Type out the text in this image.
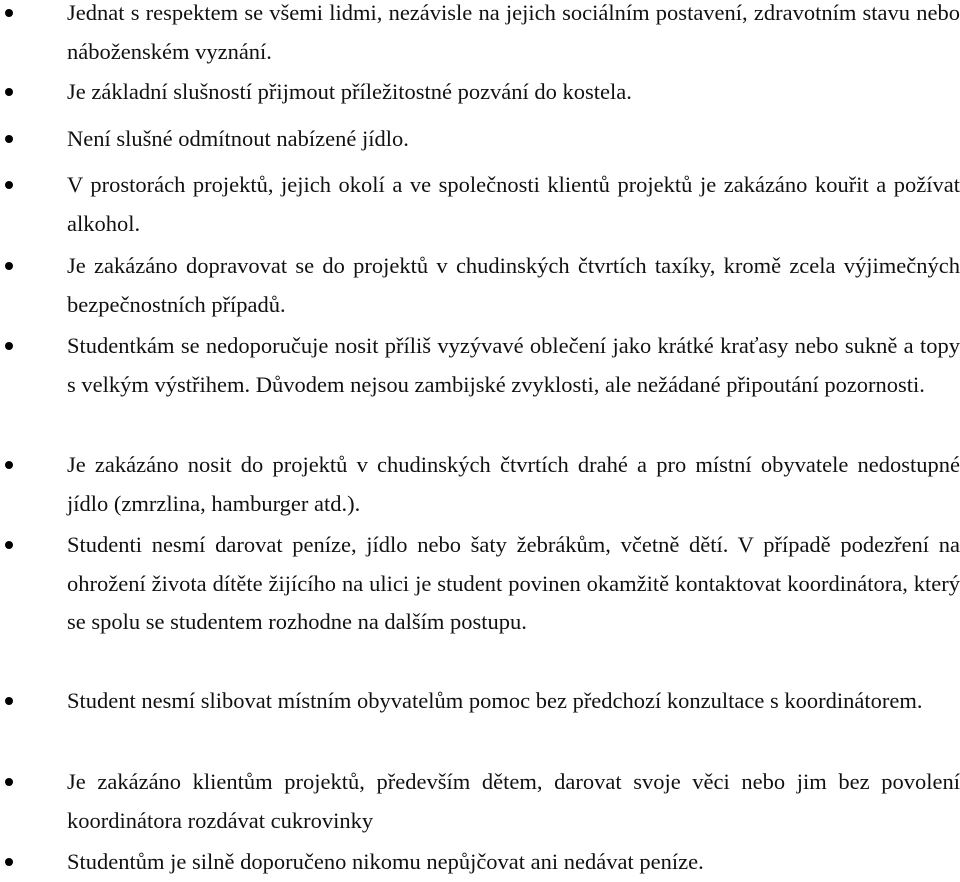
Jednat s respektem se všemi lidmi, nezávisle na jejich sociálním postavení, zdravotním stavu nebo náboženském vyznání.

Je základní slušností přijmout příležitostné pozvání do kostela.

Není slušné odmítnout nabízené jídlo.

V prostorách projektů, jejich okolí a ve společnosti klientů projektů je zakázáno kouřit a požívat alkohol.

Je zakázáno dopravovat se do projektů v chudinských čtvrtích taxíky, kromě zcela výjimečných bezpečnostních případů.

Studentkám se nedoporučuje nosit příliš vyzývavé oblečení jako krátké kraťasy nebo sukně a topy s velkým výstřihem. Důvodem nejsou zambijské zvyklosti, ale nežádané připoutání pozornosti.

Je zakázáno nosit do projektů v chudinských čtvrtích drahé a pro místní obyvatele nedostupné jídlo (zmrzlina, hamburger atd.).

Studenti nesmí darovat peníze, jídlo nebo šaty žebrákům, včetně dětí. V případě podezření na ohrožení života dítěte žijícího na ulici je student povinen okamžitě kontaktovat koordinátora, který se spolu se studentem rozhodne na dalším postupu.

Student nesmí slibovat místním obyvatelům pomoc bez předchozí konzultace s koordinátorem.

Je zakázáno klientům projektů, především dětem, darovat svoje věci nebo jim bez povolení koordinátora rozdávat cukrovinky

Studentům je silně doporučeno nikomu nepůjčovat ani nedávat peníze.
